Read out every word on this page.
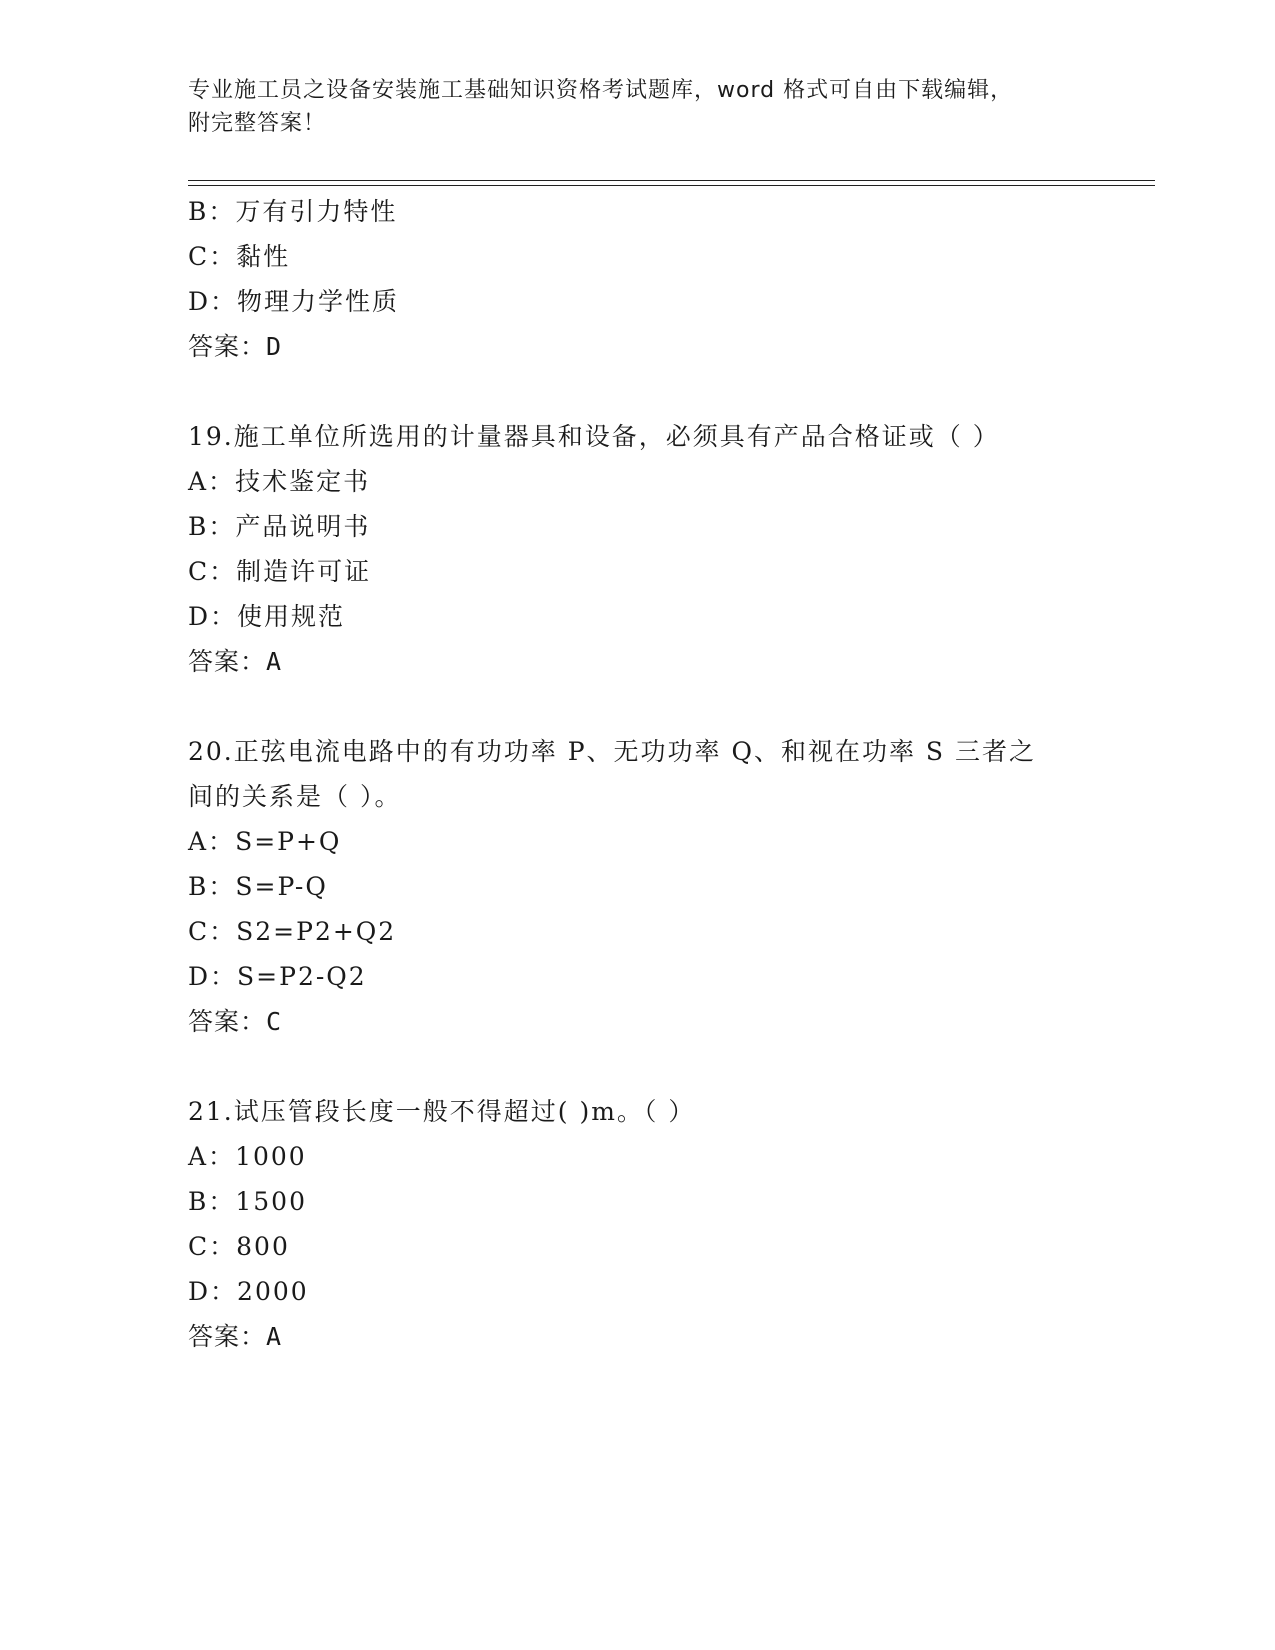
专业施工员之设备安装施工基础知识资格考试题库，word 格式可自由下载编辑，
附完整答案！
B：万有引力特性
C：黏性
D：物理力学性质
答案：D
19.施工单位所选用的计量器具和设备，必须具有产品合格证或（ ）
A：技术鉴定书
B：产品说明书
C：制造许可证
D：使用规范
答案：A
20.正弦电流电路中的有功功率 P、无功功率 Q、和视在功率 S 三者之
间的关系是（ ）。
A：S=P+Q
B：S=P-Q
C：S2=P2+Q2
D：S=P2-Q2
答案：C
21.试压管段长度一般不得超过( )m。（ ）
A：1000
B：1500
C：800
D：2000
答案：A
